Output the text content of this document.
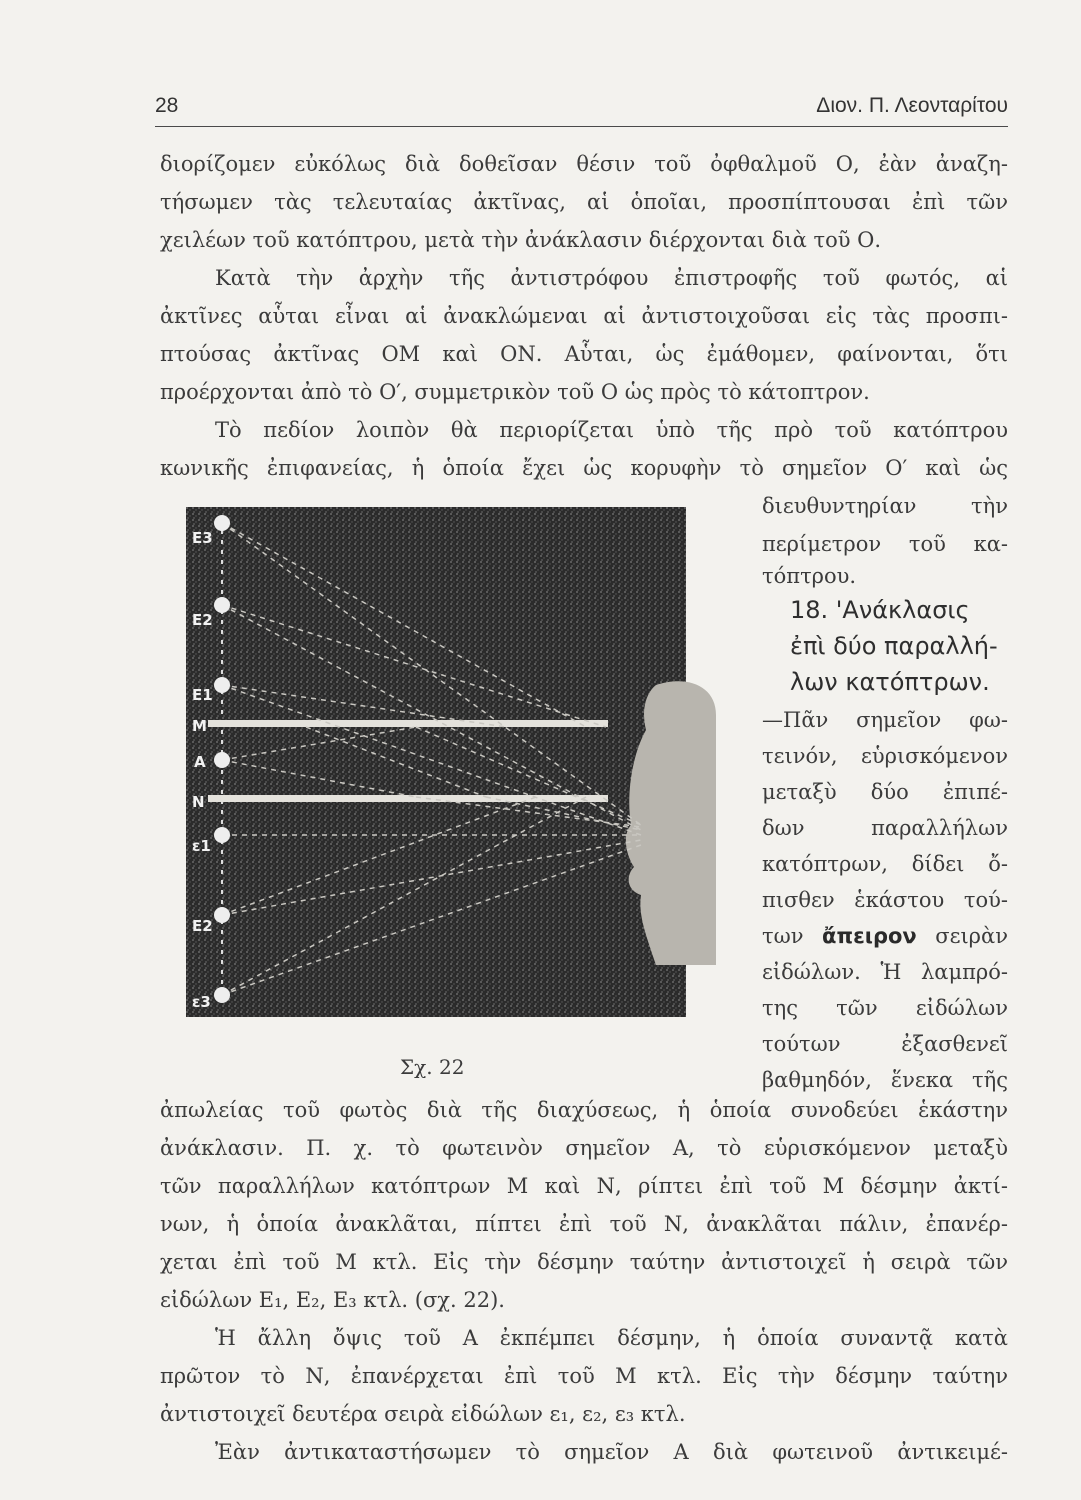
28	Διον. Π. Λεονταρίτου
διορίζομεν εὐκόλως διὰ δοθεῖσαν θέσιν τοῦ ὀφθαλμοῦ Ο, ἐὰν ἀναζη-
τήσωμεν τὰς τελευταίας ἀκτῖνας, αἱ ὁποῖαι, προσπίπτουσαι ἐπὶ τῶν
χειλέων τοῦ κατόπτρου, μετὰ τὴν ἀνάκλασιν διέρχονται διὰ τοῦ Ο.
Κατὰ τὴν ἀρχὴν τῆς ἀντιστρόφου ἐπιστροφῆς τοῦ φωτός, αἱ
ἀκτῖνες αὗται εἶναι αἱ ἀνακλώμεναι αἱ ἀντιστοιχοῦσαι εἰς τὰς προσπι-
πτούσας ἀκτῖνας ΟΜ καὶ ΟΝ. Αὗται, ὡς ἐμάθομεν, φαίνονται, ὅτι
προέρχονται ἀπὸ τὸ Ο′, συμμετρικὸν τοῦ Ο ὡς πρὸς τὸ κάτοπτρον.
Τὸ πεδίον λοιπὸν θὰ περιορίζεται ὑπὸ τῆς πρὸ τοῦ κατόπτρου
κωνικῆς ἐπιφανείας, ἡ ὁποία ἔχει ὡς κορυφὴν τὸ σημεῖον Ο′ καὶ ὡς
διευθυντηρίαν τὴν
περίμετρον τοῦ κα-
τόπτρου.
18. 'Ανάκλασις
ἐπὶ δύο παραλλή-
λων κατόπτρων.
—Πᾶν σημεῖον φω-
τεινόν, εὑρισκόμενον
μεταξὺ δύο ἐπιπέ-
δων παραλλήλων
κατόπτρων, δίδει ὄ-
πισθεν ἑκάστου τού-
των ἄπειρον σειρὰν
εἰδώλων. Ἡ λαμπρό-
της τῶν εἰδώλων
τούτων ἐξασθενεῖ
βαθμηδόν, ἕνεκα τῆς
E3
E2
E1
M
A
N
ε1
E2
ε3
Σχ. 22
ἀπωλείας τοῦ φωτὸς διὰ τῆς διαχύσεως, ἡ ὁποία συνοδεύει ἑκάστην
ἀνάκλασιν. Π. χ. τὸ φωτεινὸν σημεῖον Α, τὸ εὑρισκόμενον μεταξὺ
τῶν παραλλήλων κατόπτρων Μ καὶ Ν, ρίπτει ἐπὶ τοῦ Μ δέσμην ἀκτί-
νων, ἡ ὁποία ἀνακλᾶται, πίπτει ἐπὶ τοῦ Ν, ἀνακλᾶται πάλιν, ἐπανέρ-
χεται ἐπὶ τοῦ Μ κτλ. Εἰς τὴν δέσμην ταύτην ἀντιστοιχεῖ ἡ σειρὰ τῶν
εἰδώλων Ε₁, Ε₂, Ε₃ κτλ. (σχ. 22).
Ἡ ἄλλη ὄψις τοῦ Α ἐκπέμπει δέσμην, ἡ ὁποία συναντᾷ κατὰ
πρῶτον τὸ Ν, ἐπανέρχεται ἐπὶ τοῦ Μ κτλ. Εἰς τὴν δέσμην ταύτην
ἀντιστοιχεῖ δευτέρα σειρὰ εἰδώλων ε₁, ε₂, ε₃ κτλ.
Ἐὰν ἀντικαταστήσωμεν τὸ σημεῖον Α διὰ φωτεινοῦ ἀντικειμέ-
